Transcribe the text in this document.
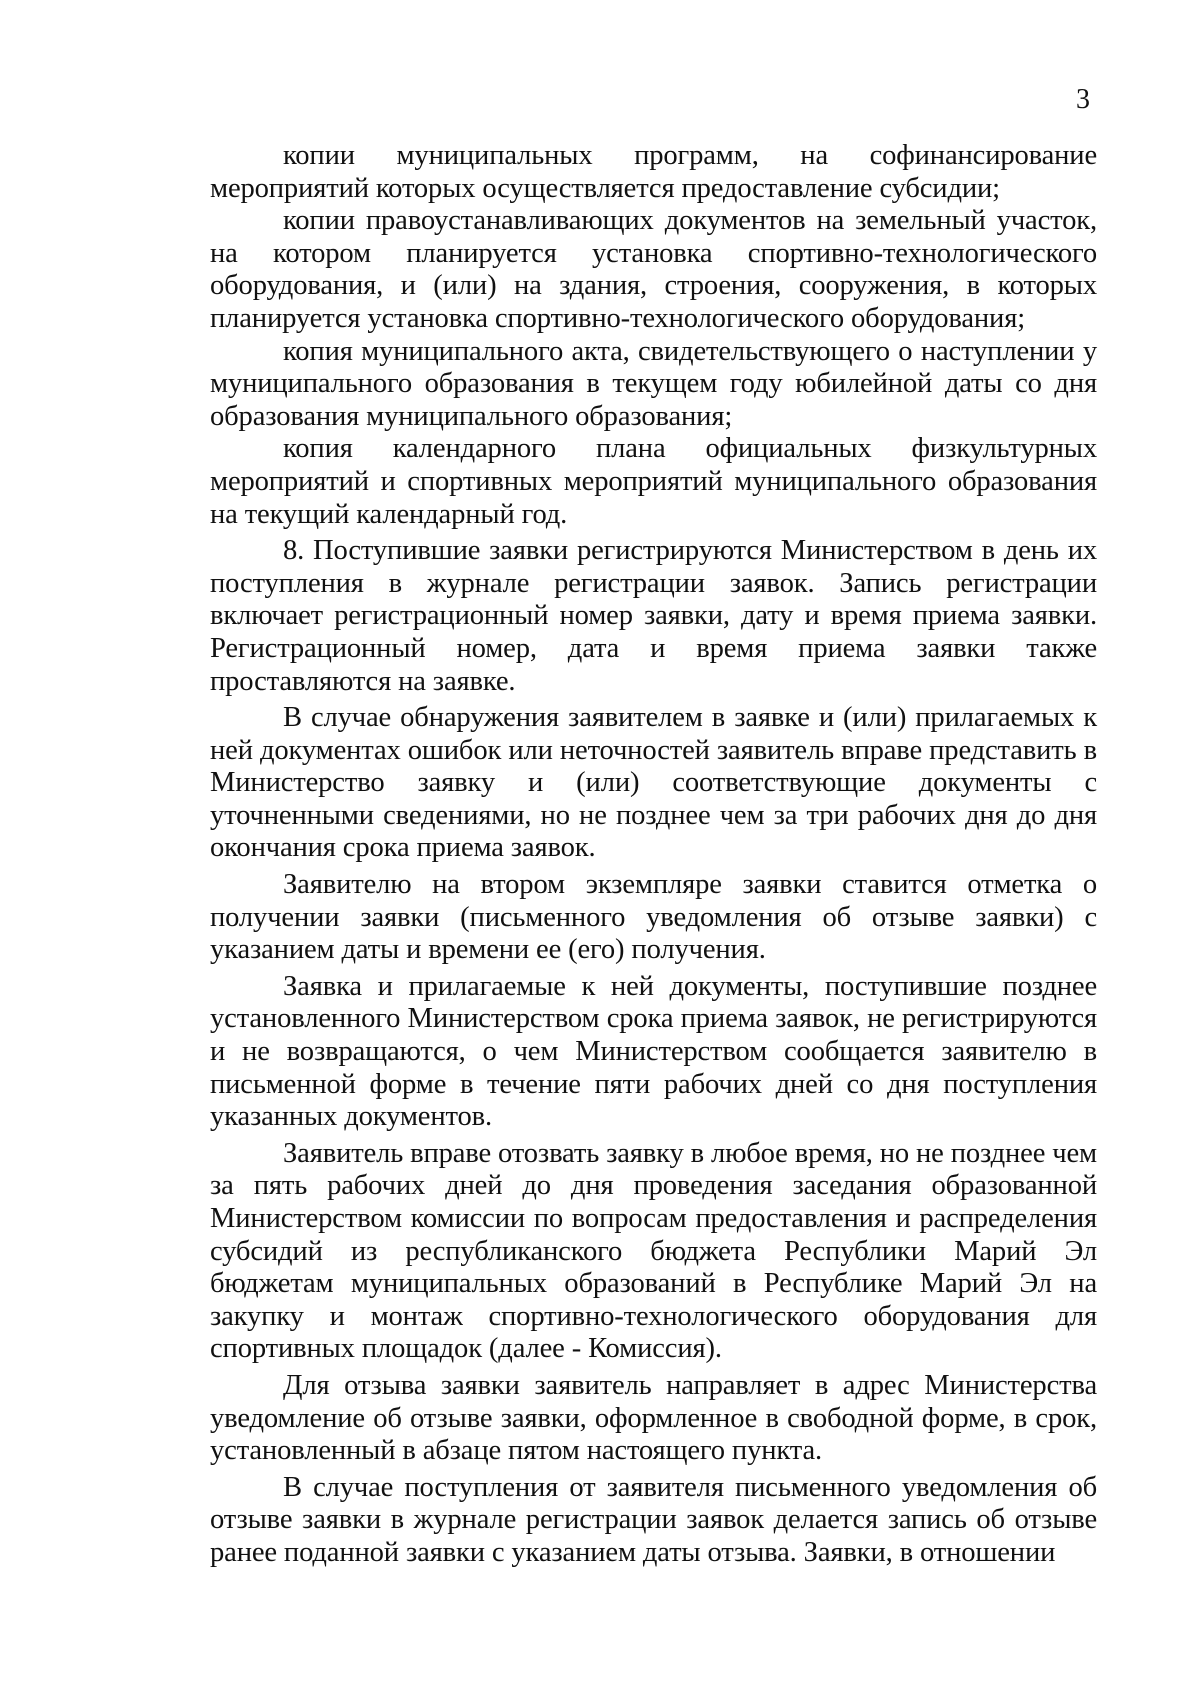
3

копии муниципальных программ, на софинансирование мероприятий которых осуществляется предоставление субсидии;

копии правоустанавливающих документов на земельный участок, на котором планируется установка спортивно-технологического оборудования, и (или) на здания, строения, сооружения, в которых планируется установка спортивно-технологического оборудования;

копия муниципального акта, свидетельствующего о наступлении у муниципального образования в текущем году юбилейной даты со дня образования муниципального образования;

копия календарного плана официальных физкультурных мероприятий и спортивных мероприятий муниципального образования на текущий календарный год.

8. Поступившие заявки регистрируются Министерством в день их поступления в журнале регистрации заявок. Запись регистрации включает регистрационный номер заявки, дату и время приема заявки. Регистрационный номер, дата и время приема заявки также проставляются на заявке.

В случае обнаружения заявителем в заявке и (или) прилагаемых к ней документах ошибок или неточностей заявитель вправе представить в Министерство заявку и (или) соответствующие документы с уточненными сведениями, но не позднее чем за три рабочих дня до дня окончания срока приема заявок.

Заявителю на втором экземпляре заявки ставится отметка о получении заявки (письменного уведомления об отзыве заявки) с указанием даты и времени ее (его) получения.

Заявка и прилагаемые к ней документы, поступившие позднее установленного Министерством срока приема заявок, не регистрируются и не возвращаются, о чем Министерством сообщается заявителю в письменной форме в течение пяти рабочих дней со дня поступления указанных документов.

Заявитель вправе отозвать заявку в любое время, но не позднее чем за пять рабочих дней до дня проведения заседания образованной Министерством комиссии по вопросам предоставления и распределения субсидий из республиканского бюджета Республики Марий Эл бюджетам муниципальных образований в Республике Марий Эл на закупку и монтаж спортивно-технологического оборудования для спортивных площадок (далее - Комиссия).

Для отзыва заявки заявитель направляет в адрес Министерства уведомление об отзыве заявки, оформленное в свободной форме, в срок, установленный в абзаце пятом настоящего пункта.

В случае поступления от заявителя письменного уведомления об отзыве заявки в журнале регистрации заявок делается запись об отзыве ранее поданной заявки с указанием даты отзыва. Заявки, в отношении
